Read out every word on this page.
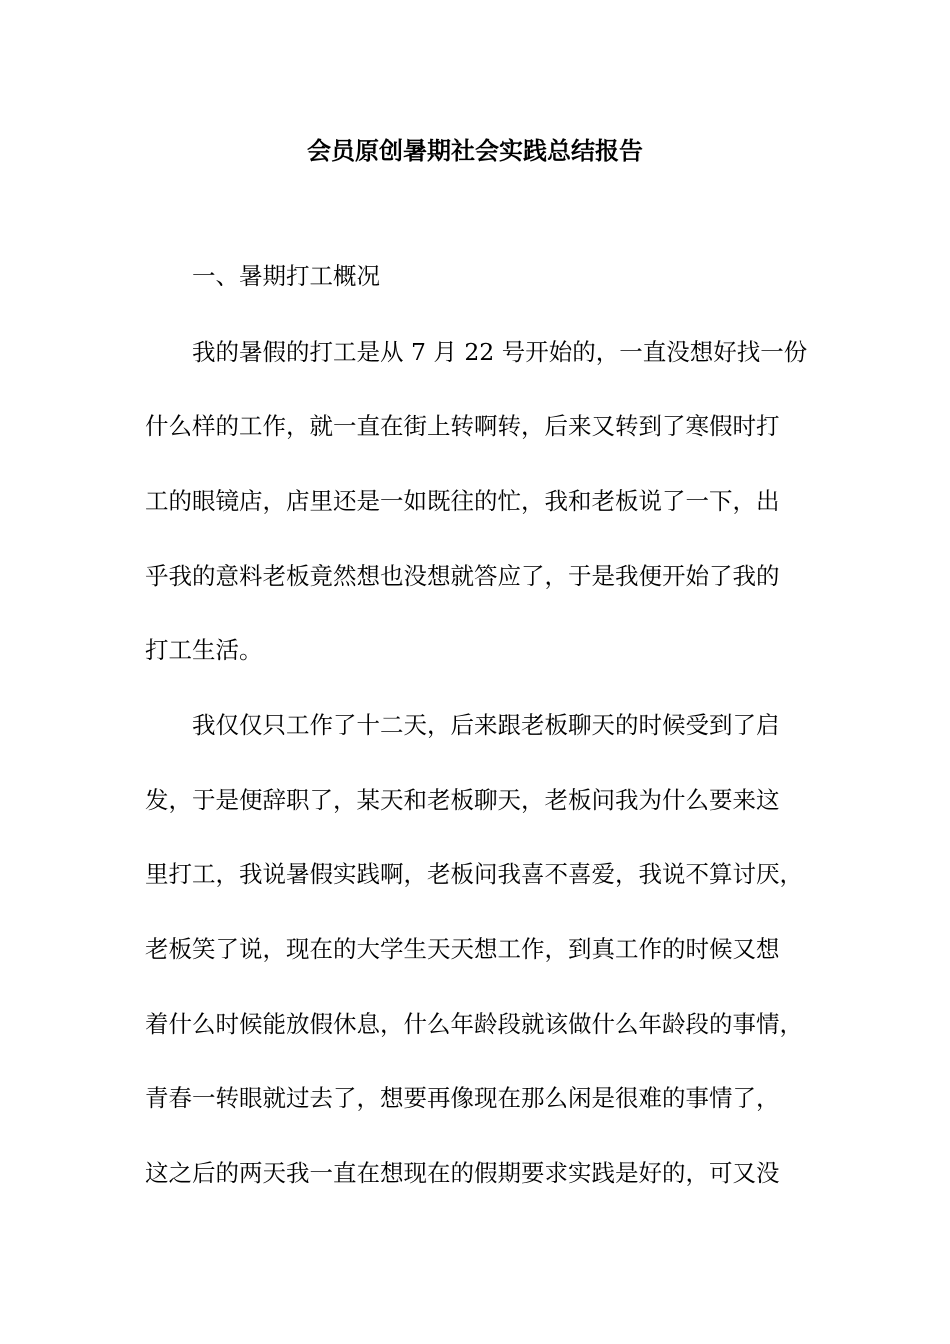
会员原创暑期社会实践总结报告
一、暑期打工概况
我的暑假的打工是从 7 月 22 号开始的，一直没想好找一份
什么样的工作，就一直在街上转啊转，后来又转到了寒假时打
工的眼镜店，店里还是一如既往的忙，我和老板说了一下，出
乎我的意料老板竟然想也没想就答应了，于是我便开始了我的
打工生活。
我仅仅只工作了十二天，后来跟老板聊天的时候受到了启
发，于是便辞职了，某天和老板聊天，老板问我为什么要来这
里打工，我说暑假实践啊，老板问我喜不喜爱，我说不算讨厌，
老板笑了说，现在的大学生天天想工作，到真工作的时候又想
着什么时候能放假休息，什么年龄段就该做什么年龄段的事情，
青春一转眼就过去了，想要再像现在那么闲是很难的事情了，
这之后的两天我一直在想现在的假期要求实践是好的，可又没
